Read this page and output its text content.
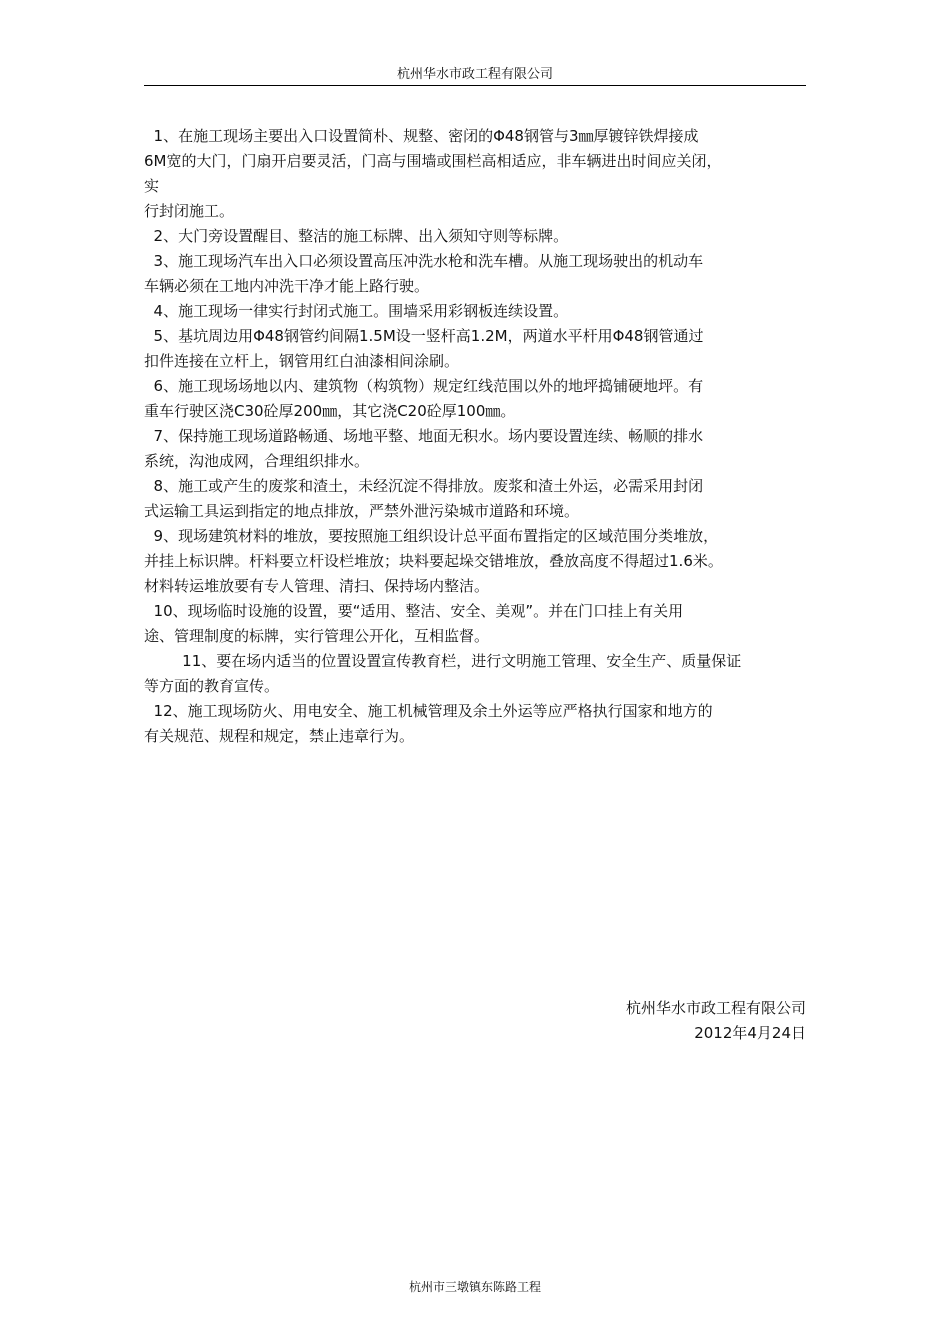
杭州华水市政工程有限公司
1、在施工现场主要出入口设置简朴、规整、密闭的Φ48钢管与3㎜厚镀锌铁焊接成
6M宽的大门，门扇开启要灵活，门高与围墙或围栏高相适应，非车辆进出时间应关闭，
实
行封闭施工。
2、大门旁设置醒目、整洁的施工标牌、出入须知守则等标牌。
3、施工现场汽车出入口必须设置高压冲洗水枪和洗车槽。从施工现场驶出的机动车
车辆必须在工地内冲洗干净才能上路行驶。
4、施工现场一律实行封闭式施工。围墙采用彩钢板连续设置。
5、基坑周边用Φ48钢管约间隔1.5M设一竖杆高1.2M，两道水平杆用Φ48钢管通过
扣件连接在立杆上，钢管用红白油漆相间涂刷。
6、施工现场场地以内、建筑物（构筑物）规定红线范围以外的地坪捣铺硬地坪。有
重车行驶区浇C30砼厚200㎜，其它浇C20砼厚100㎜。
7、保持施工现场道路畅通、场地平整、地面无积水。场内要设置连续、畅顺的排水
系统，沟池成网，合理组织排水。
8、施工或产生的废浆和渣土，未经沉淀不得排放。废浆和渣土外运，必需采用封闭
式运输工具运到指定的地点排放，严禁外泄污染城市道路和环境。
9、现场建筑材料的堆放，要按照施工组织设计总平面布置指定的区域范围分类堆放，
并挂上标识牌。杆料要立杆设栏堆放；块料要起垛交错堆放，叠放高度不得超过1.6米。
材料转运堆放要有专人管理、清扫、保持场内整洁。
10、现场临时设施的设置，要“适用、整洁、安全、美观”。并在门口挂上有关用
途、管理制度的标牌，实行管理公开化，互相监督。
11、要在场内适当的位置设置宣传教育栏，进行文明施工管理、安全生产、质量保证
等方面的教育宣传。
12、施工现场防火、用电安全、施工机械管理及余土外运等应严格执行国家和地方的
有关规范、规程和规定，禁止违章行为。
杭州华水市政工程有限公司
2012年4月24日
杭州市三墩镇东陈路工程
